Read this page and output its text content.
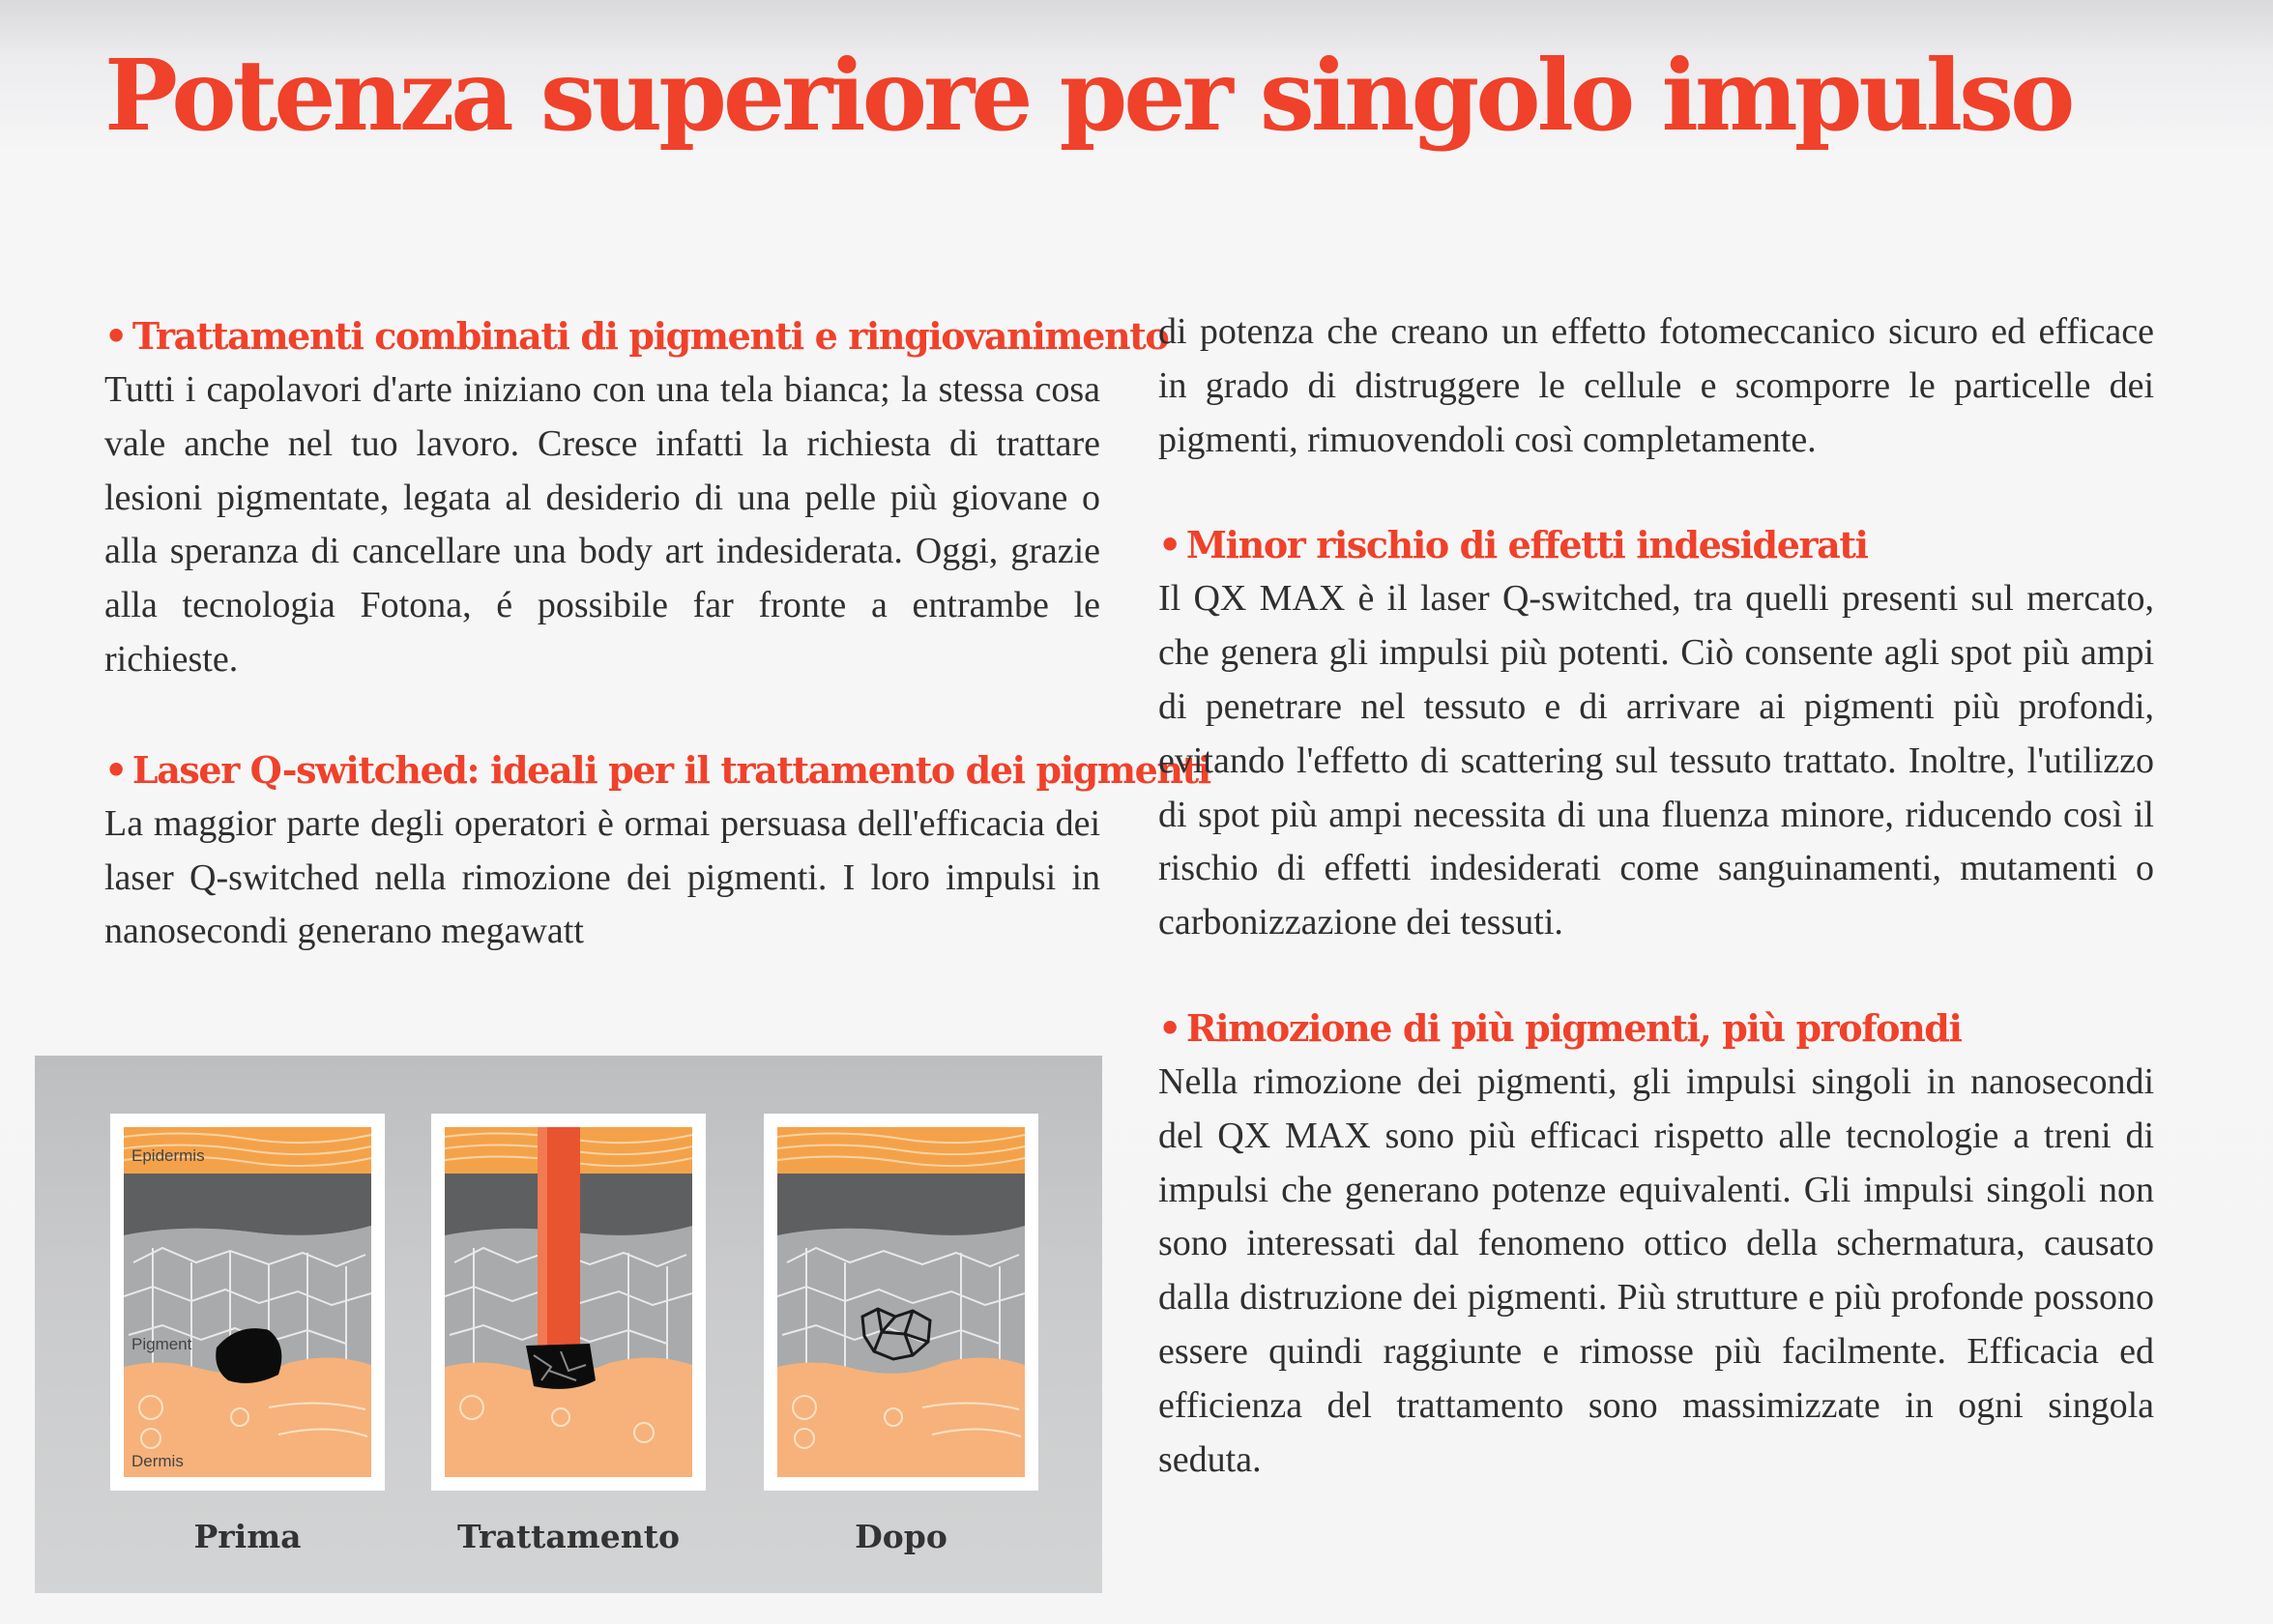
Potenza superiore per singolo impulso
• Trattamenti combinati di pigmenti e ringiovanimento

Tutti i capolavori d'arte iniziano con una tela bianca; la stessa cosa vale anche nel tuo lavoro. Cresce infatti la richiesta di trattare lesioni pigmentate, legata al desiderio di una pelle più giovane o alla speranza di cancellare una body art indesiderata. Oggi, grazie alla tecnologia Fotona, é possibile far fronte a entrambe le richieste.

• Laser Q-switched: ideali per il trattamento dei pigmenti

La maggior parte degli operatori è ormai persuasa dell'efficacia dei laser Q-switched nella rimozione dei pigmenti. I loro impulsi in nanosecondi generano megawatt

di potenza che creano un effetto fotomeccanico sicuro ed efficace in grado di distruggere le cellule e scomporre le particelle dei pigmenti, rimuovendoli così completamente.

• Minor rischio di effetti indesiderati

Il QX MAX è il laser Q-switched, tra quelli presenti sul mercato, che genera gli impulsi più potenti. Ciò consente agli spot più ampi di penetrare nel tessuto e di arrivare ai pigmenti più profondi, evitando l'effetto di scattering sul tessuto trattato. Inoltre, l'utilizzo di spot più ampi necessita di una fluenza minore, riducendo così il rischio di effetti indesiderati come sanguinamenti, mutamenti o carbonizzazione dei tessuti.

• Rimozione di più pigmenti, più profondi

Nella rimozione dei pigmenti, gli impulsi singoli in nanosecondi del QX MAX sono più efficaci rispetto alle tecnologie a treni di impulsi che generano potenze equivalenti. Gli impulsi singoli non sono interessati dal fenomeno ottico della schermatura, causato dalla distruzione dei pigmenti. Più strutture e più profonde possono essere quindi raggiunte e rimosse più facilmente. Efficacia ed efficienza del trattamento sono massimizzate in ogni singola seduta.

Epidermis
Pigment
Dermis
Prima	Trattamento	Dopo
